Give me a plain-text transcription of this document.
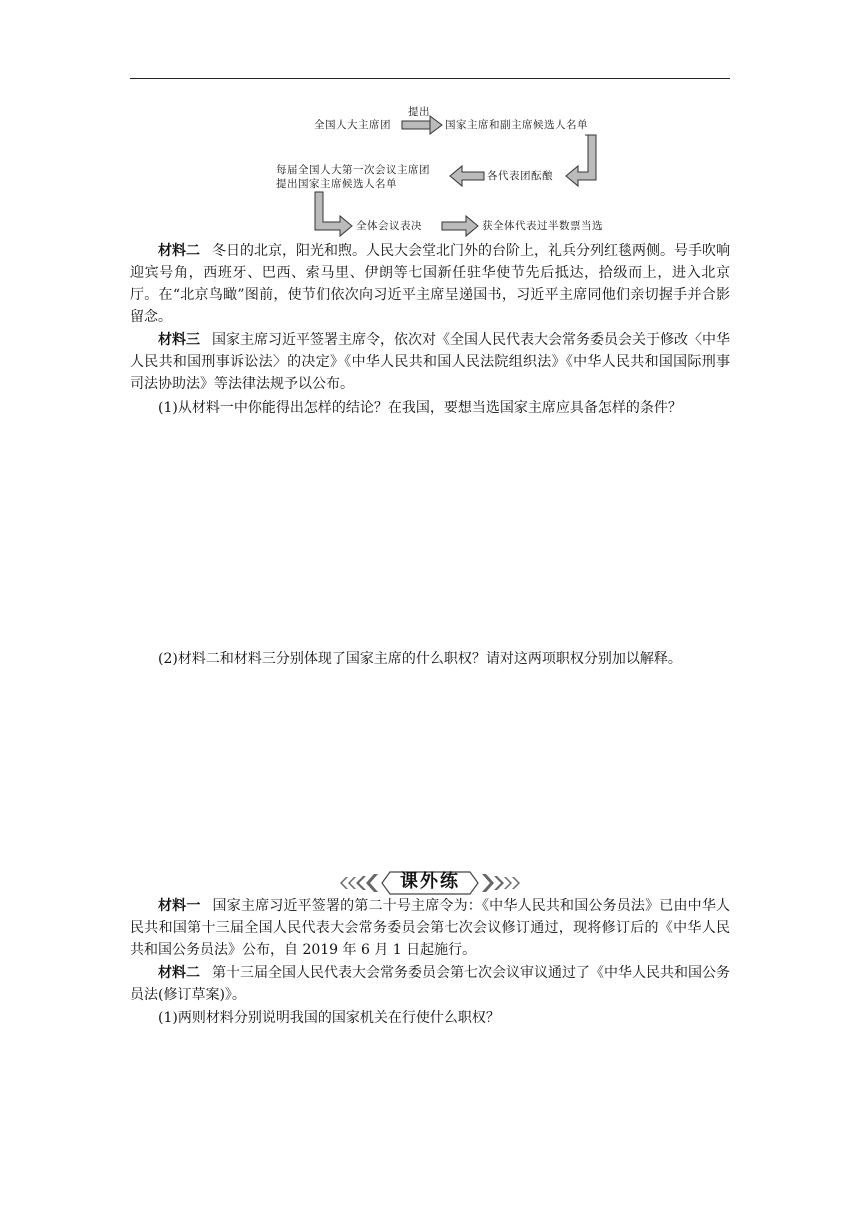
全国人大主席团
提出
国家主席和副主席候选人名单
各代表团酝酿
每届全国人大第一次会议主席团
提出国家主席候选人名单
全体会议表决	获全体代表过半数票当选

材料二 冬日的北京，阳光和煦。人民大会堂北门外的台阶上，礼兵分列红毯两侧。号手吹响迎宾号角，西班牙、巴西、索马里、伊朗等七国新任驻华使节先后抵达，拾级而上，进入北京厅。在“北京鸟瞰”图前，使节们依次向习近平主席呈递国书，习近平主席同他们亲切握手并合影留念。

材料三 国家主席习近平签署主席令，依次对《全国人民代表大会常务委员会关于修改〈中华人民共和国刑事诉讼法〉的决定》《中华人民共和国人民法院组织法》《中华人民共和国国际刑事司法协助法》等法律法规予以公布。

(1)从材料一中你能得出怎样的结论？在我国，要想当选国家主席应具备怎样的条件？

(2)材料二和材料三分别体现了国家主席的什么职权？请对这两项职权分别加以解释。

课外练

材料一 国家主席习近平签署的第二十号主席令为：《中华人民共和国公务员法》已由中华人民共和国第十三届全国人民代表大会常务委员会第七次会议修订通过，现将修订后的《中华人民共和国公务员法》公布，自 2019 年 6 月 1 日起施行。

材料二 第十三届全国人民代表大会常务委员会第七次会议审议通过了《中华人民共和国公务员法(修订草案)》。

(1)两则材料分别说明我国的国家机关在行使什么职权？
